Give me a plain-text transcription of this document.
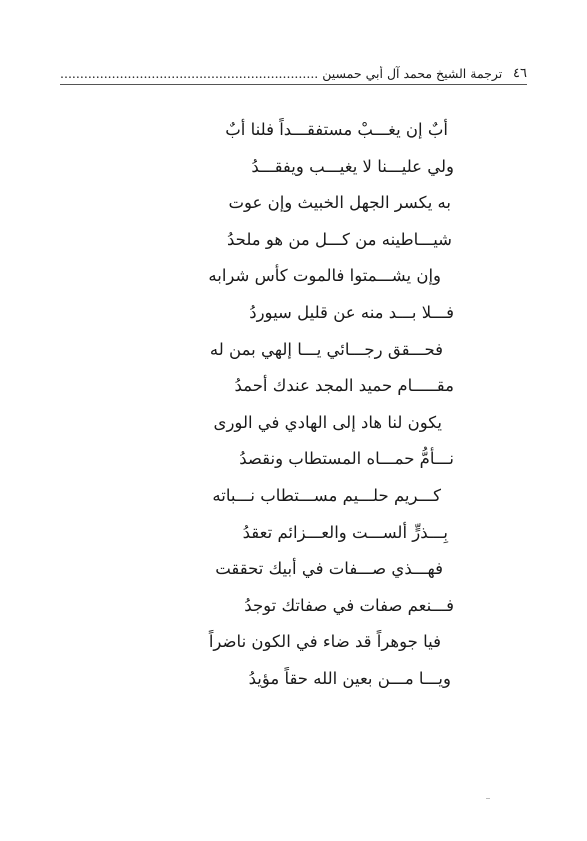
٤٦
ترجمة الشيخ محمد آل أبي حمسين .................................................................
أبٌ إن يغـــبْ مستفقـــداً فلنا أبٌ
ولي عليـــنا لا يغيـــب ويفقـــدُ
به يكسر الجهل الخبيث وإن عوت
شيـــاطينه من كـــل من هو ملحدُ
وإن يشـــمتوا فالموت كأس شرابه
فـــلا بـــد منه عن قليل سيوردُ
فحـــقق رجـــائي يـــا إلهي بمن له
مقـــــام حميد المجد عندك أحمدُ
يكون لنا هاد إلى الهادي في الورى
نـــأمُّ حمـــاه المستطاب ونقصدُ
كـــريم حلـــيم مســـتطاب نـــباته
بِـــذرٍّ ألســـت والعـــزائم تعقدُ
فهـــذي صـــفات في أبيك تحققت
فـــنعم صفات في صفاتك توجدُ
فيا جوهراً قد ضاء في الكون ناضراً
ويـــا مـــن بعين الله حقاً مؤيدُ
